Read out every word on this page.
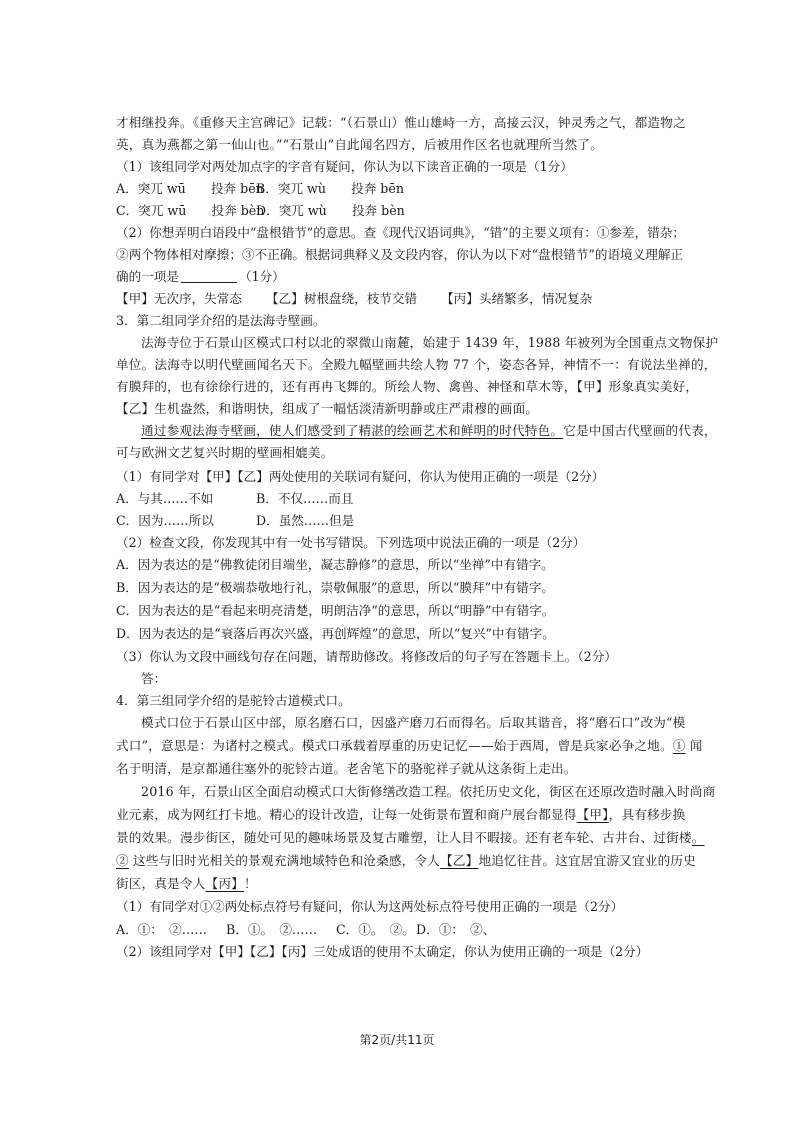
才相继投奔。《重修天主宫碑记》记载：“（石景山）惟山雄峙一方，高接云汉，钟灵秀之气，都造物之
英，真为燕都之第一仙山也。”“石景山”自此闻名四方，后被用作区名也就理所当然了。
（1）该组同学对两处加点字的字音有疑问，你认为以下读音正确的一项是（1分）
A．突兀 wū　　投奔 bēnB．突兀 wù　　投奔 bēn
C．突兀 wū　　投奔 bènD．突兀 wù　　投奔 bèn
（2）你想弄明白语段中“盘根错节”的意思。查《现代汉语词典》，“错”的主要义项有：①参差，错杂；
②两个物体相对摩擦；③不正确。根据词典释义及文段内容，你认为以下对“盘根错节”的语境义理解正
确的一项是	（1分）
【甲】无次序，失常态 【乙】树根盘绕，枝节交错 【丙】头绪繁多，情况复杂
3．第二组同学介绍的是法海寺壁画。
法海寺位于石景山区模式口村以北的翠微山南麓，始建于 1439 年，1988 年被列为全国重点文物保护
单位。法海寺以明代壁画闻名天下。全殿九幅壁画共绘人物 77 个，姿态各异，神情不一：有说法坐禅的，
有膜拜的，也有徐徐行进的，还有再冉飞舞的。所绘人物、禽兽、神怪和草木等，【甲】形象真实美好，
【乙】生机盎然，和谐明快，组成了一幅恬淡清新明静或庄严肃穆的画面。
通过参观法海寺壁画，使人们感受到了精湛的绘画艺术和鲜明的时代特色。它是中国古代壁画的代表，
可与欧洲文艺复兴时期的壁画相媲美。
（1）有同学对【甲】【乙】两处使用的关联词有疑问，你认为使用正确的一项是（2分）
A．与其……不如	B．不仅……而且
C．因为……所以	D．虽然……但是
（2）检查文段，你发现其中有一处书写错误。下列选项中说法正确的一项是（2分）
A．因为表达的是“佛教徒闭目端坐，凝志静修”的意思，所以“坐禅”中有错字。
B．因为表达的是“极端恭敬地行礼，崇敬佩服”的意思，所以“膜拜”中有错字。
C．因为表达的是“看起来明亮清楚，明朗洁净”的意思，所以“明静”中有错字。
D．因为表达的是“衰落后再次兴盛，再创辉煌”的意思，所以“复兴”中有错字。
（3）你认为文段中画线句存在问题，请帮助修改。将修改后的句子写在答题卡上。（2分）
答：
4．第三组同学介绍的是驼铃古道模式口。
模式口位于石景山区中部，原名磨石口，因盛产磨刀石而得名。后取其谐音，将“磨石口”改为“模
式口”，意思是：为诸村之模式。模式口承载着厚重的历史记忆——始于西周，曾是兵家必争之地。① 闻
名于明清，是京都通往塞外的驼铃古道。老舍笔下的骆驼祥子就从这条街上走出。
2016 年，石景山区全面启动模式口大街修缮改造工程。依托历史文化，街区在还原改造时融入时尚商
业元素，成为网红打卡地。精心的设计改造，让每一处街景布置和商户展台都显得【甲】，具有移步换
景的效果。漫步街区，随处可见的趣味场景及复古雕塑，让人目不暇接。还有老车轮、古井台、过街楼。
② 这些与旧时光相关的景观充满地域特色和沧桑感，令人【乙】地追忆往昔。这宜居宜游又宜业的历史
街区，真是令人【丙】！
（1）有同学对①②两处标点符号有疑问，你认为这两处标点符号使用正确的一项是（2分）
A．①：　②…… B．①。　②…… C．①。　②。D．①：　②、
（2）该组同学对【甲】【乙】【丙】三处成语的使用不太确定，你认为使用正确的一项是（2分）
第2页/共11页
